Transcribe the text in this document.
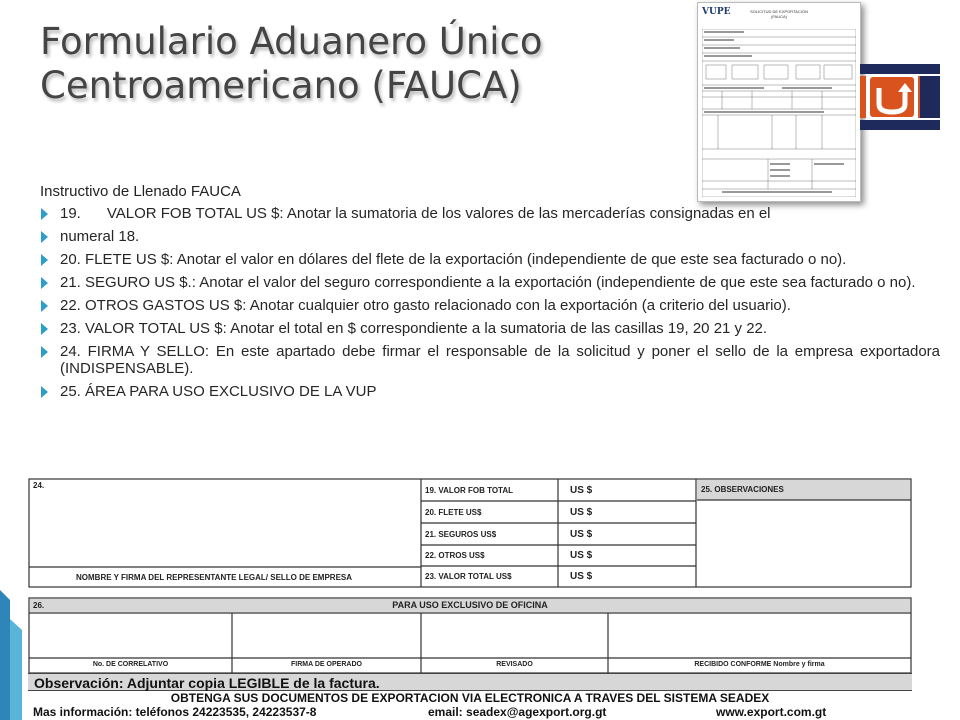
Formulario Aduanero Único Centroamericano (FAUCA)
VUPE	SOLICITUD DE EXPORTACION
(FAUCA)
Instructivo de Llenado FAUCA
19. VALOR FOB TOTAL US $: Anotar la sumatoria de los valores de las mercaderías consignadas en el
numeral 18.
20. FLETE US $: Anotar el valor en dólares del flete de la exportación (independiente de que este sea facturado o no).
21. SEGURO US $.: Anotar el valor del seguro correspondiente a la exportación (independiente de que este sea facturado o no).
22. OTROS GASTOS US $: Anotar cualquier otro gasto relacionado con la exportación (a criterio del usuario).
23. VALOR TOTAL US $: Anotar el total en $ correspondiente a la sumatoria de las casillas 19, 20 21 y 22.
24. FIRMA Y SELLO: En este apartado debe firmar el responsable de la solicitud y poner el sello de la empresa exportadora (INDISPENSABLE).
25. ÁREA PARA USO EXCLUSIVO DE LA VUP
24.
NOMBRE Y FIRMA DEL REPRESENTANTE LEGAL/ SELLO DE EMPRESA
19. VALOR FOB TOTAL	US $
20. FLETE US$	US $
21. SEGUROS US$	US $
22. OTROS US$	US $
23. VALOR TOTAL US$	US $
25. OBSERVACIONES
26.	PARA USO EXCLUSIVO DE OFICINA
No. DE CORRELATIVO	FIRMA DE OPERADO	REVISADO	RECIBIDO CONFORME Nombre y firma
Observación: Adjuntar copia LEGIBLE de la factura.
OBTENGA SUS DOCUMENTOS DE EXPORTACION VIA ELECTRONICA A TRAVES DEL SISTEMA SEADEX
Mas información: teléfonos 24223535, 24223537-8	email: seadex@agexport.org.gt	www.export.com.gt
